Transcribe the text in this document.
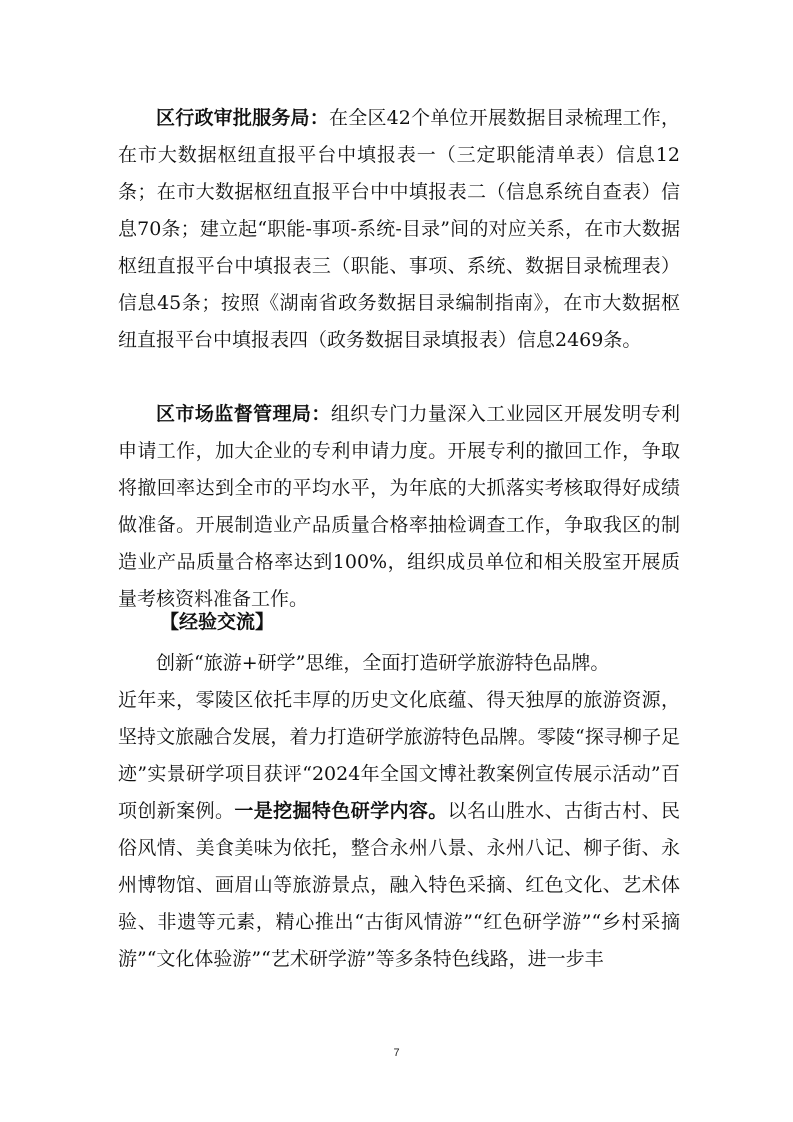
区行政审批服务局：在全区42个单位开展数据目录梳理工作，在市大数据枢纽直报平台中填报表一（三定职能清单表）信息12条；在市大数据枢纽直报平台中中填报表二（信息系统自查表）信息70条；建立起“职能-事项-系统-目录”间的对应关系，在市大数据枢纽直报平台中填报表三（职能、事项、系统、数据目录梳理表）信息45条；按照《湖南省政务数据目录编制指南》，在市大数据枢纽直报平台中填报表四（政务数据目录填报表）信息2469条。

区市场监督管理局：组织专门力量深入工业园区开展发明专利申请工作，加大企业的专利申请力度。开展专利的撤回工作，争取将撤回率达到全市的平均水平，为年底的大抓落实考核取得好成绩做准备。开展制造业产品质量合格率抽检调查工作，争取我区的制造业产品质量合格率达到100%，组织成员单位和相关股室开展质量考核资料准备工作。

【经验交流】

创新“旅游+研学”思维，全面打造研学旅游特色品牌。

近年来，零陵区依托丰厚的历史文化底蕴、得天独厚的旅游资源，坚持文旅融合发展，着力打造研学旅游特色品牌。零陵“探寻柳子足迹”实景研学项目获评“2024年全国文博社教案例宣传展示活动”百项创新案例。一是挖掘特色研学内容。以名山胜水、古街古村、民俗风情、美食美味为依托，整合永州八景、永州八记、柳子街、永州博物馆、画眉山等旅游景点，融入特色采摘、红色文化、艺术体验、非遗等元素，精心推出“古街风情游”“红色研学游”“乡村采摘游”“文化体验游”“艺术研学游”等多条特色线路，进一步丰

7
